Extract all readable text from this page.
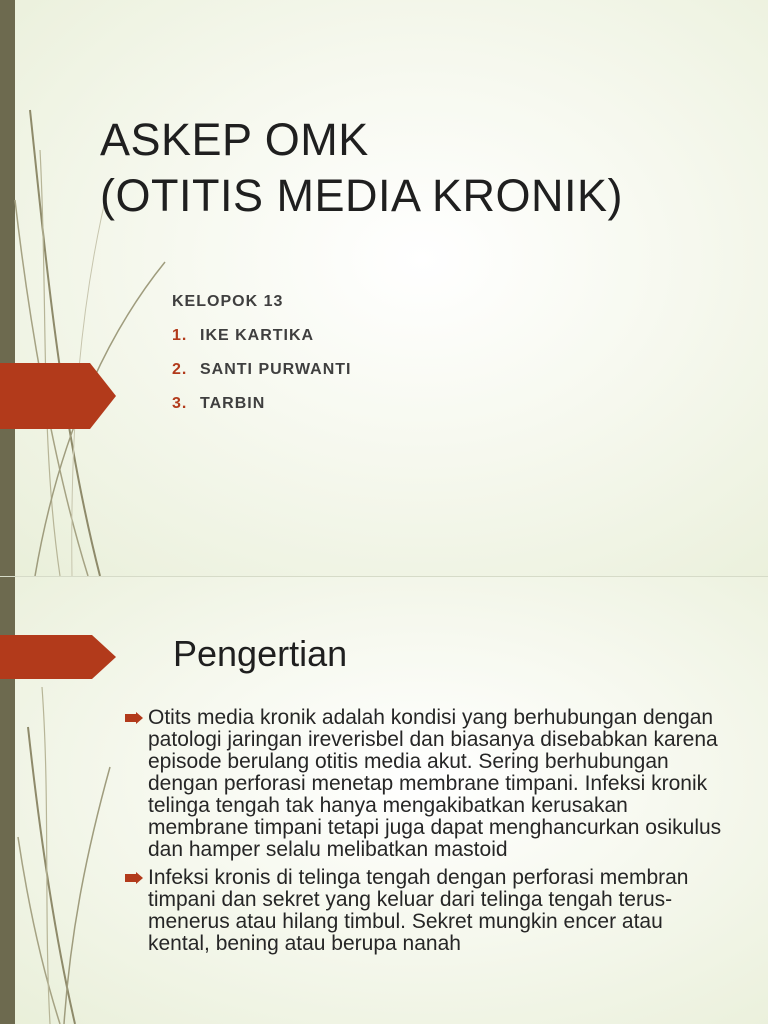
ASKEP OMK
(OTITIS MEDIA KRONIK)
KELOPOK 13
1. IKE KARTIKA
2. SANTI PURWANTI
3. TARBIN
Pengertian
Otits media kronik adalah kondisi yang berhubungan dengan patologi jaringan ireverisbel dan biasanya disebabkan karena episode berulang otitis media akut. Sering berhubungan dengan perforasi menetap membrane timpani. Infeksi kronik telinga tengah tak hanya mengakibatkan kerusakan membrane timpani tetapi juga dapat menghancurkan osikulus dan hamper selalu melibatkan mastoid
Infeksi kronis di telinga tengah dengan perforasi membran timpani dan sekret yang keluar dari telinga tengah terus-menerus atau hilang timbul. Sekret mungkin encer atau kental, bening atau berupa nanah
